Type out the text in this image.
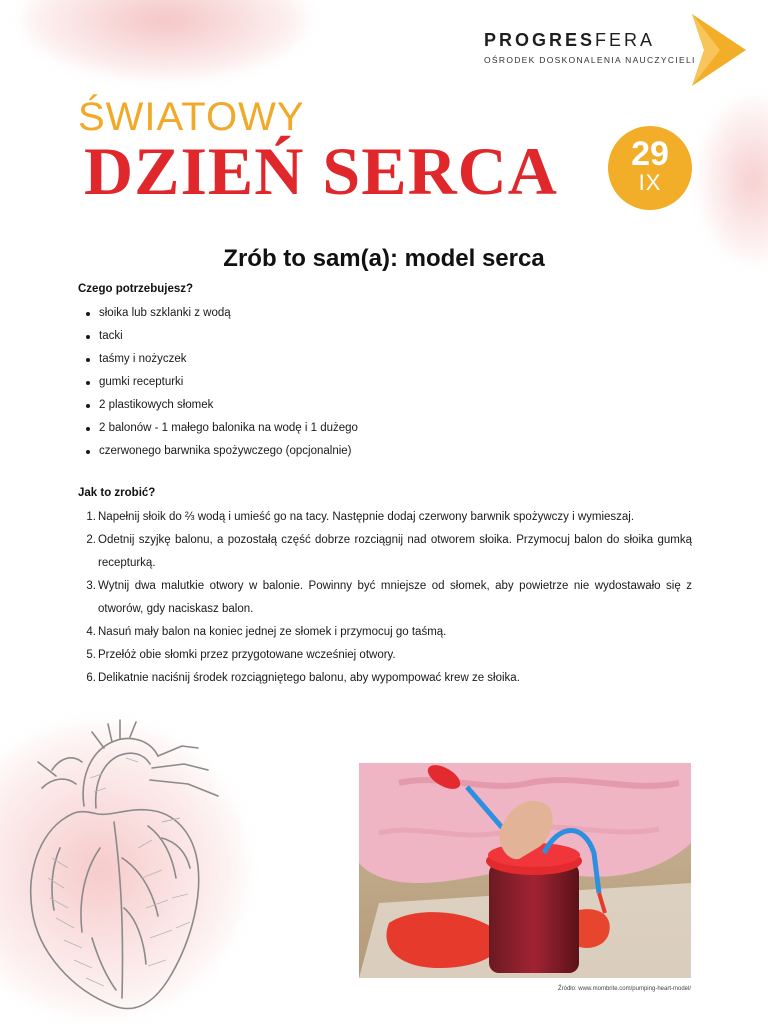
PROGRESFERA
OŚRODEK DOSKONALENIA NAUCZYCIELI
ŚWIATOWY
DZIEŃ SERCA	29
IX
Zrób to sam(a): model serca
Czego potrzebujesz?
słoika lub szklanki z wodą
tacki
taśmy i nożyczek
gumki recepturki
2 plastikowych słomek
2 balonów - 1 małego balonika na wodę i 1 dużego
czerwonego barwnika spożywczego (opcjonalnie)
Jak to zrobić?
1. Napełnij słoik do ⅔ wodą i umieść go na tacy. Następnie dodaj czerwony barwnik spożywczy i wymieszaj.
2. Odetnij szyjkę balonu, a pozostałą część dobrze rozciągnij nad otworem słoika. Przymocuj balon do słoika gumką recepturką.
3. Wytnij dwa malutkie otwory w balonie. Powinny być mniejsze od słomek, aby powietrze nie wydostawało się z otworów, gdy naciskasz balon.
4. Nasuń mały balon na koniec jednej ze słomek i przymocuj go taśmą.
5. Przełóż obie słomki przez przygotowane wcześniej otwory.
6. Delikatnie naciśnij środek rozciągniętego balonu, aby wypompować krew ze słoika.
Źródło: www.mombrite.com/pumping-heart-model/
